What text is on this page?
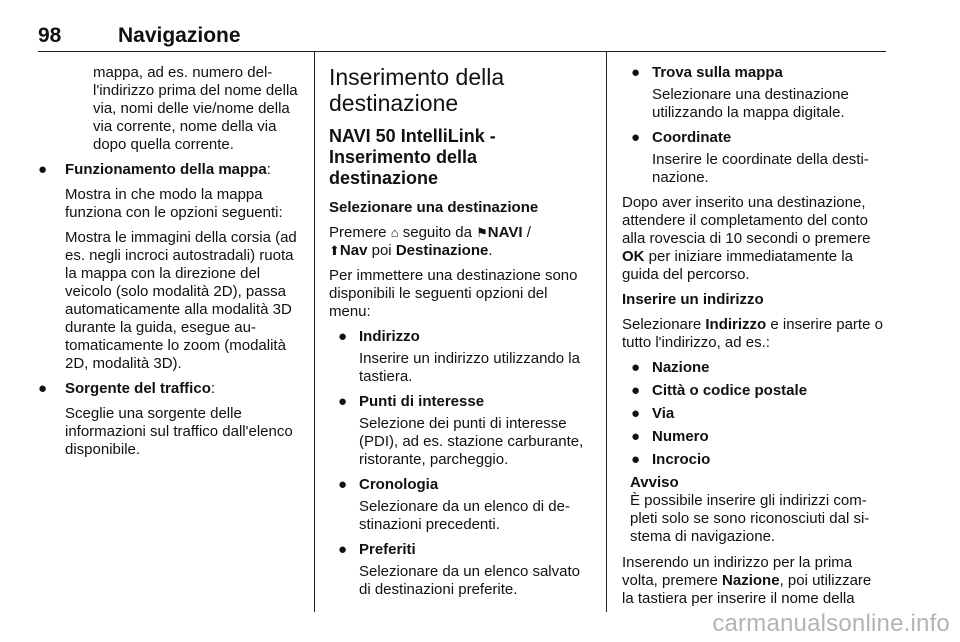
98	Navigazione

mappa, ad es. numero dell'indirizzo prima del nome della via, nomi delle vie/nome della via corrente, nome della via dopo quella corrente.

● Funzionamento della mappa:

Mostra in che modo la mappa funziona con le opzioni seguenti:

Mostra le immagini della corsia (ad es. negli incroci autostradali) ruota la mappa con la direzione del veicolo (solo modalità 2D), passa automaticamente alla modalità 3D durante la guida, esegue automaticamente lo zoom (modalità 2D, modalità 3D).

● Sorgente del traffico:

Sceglie una sorgente delle informazioni sul traffico dall'elenco disponibile.

Inserimento della destinazione
NAVI 50 IntelliLink - Inserimento della destinazione

Selezionare una destinazione

Premere ⌂ seguito da ⚑NAVI /
⬆Nav poi Destinazione.

Per immettere una destinazione sono disponibili le seguenti opzioni del menu:

● Indirizzo
Inserire un indirizzo utilizzando la tastiera.
● Punti di interesse
Selezione dei punti di interesse (PDI), ad es. stazione carburante, ristorante, parcheggio.
● Cronologia
Selezionare da un elenco di destinazioni precedenti.
● Preferiti
Selezionare da un elenco salvato di destinazioni preferite.
● Trova sulla mappa
Selezionare una destinazione utilizzando la mappa digitale.
● Coordinate
Inserire le coordinate della destinazione.

Dopo aver inserito una destinazione, attendere il completamento del conto alla rovescia di 10 secondi o premere OK per iniziare immediatamente la guida del percorso.

Inserire un indirizzo

Selezionare Indirizzo e inserire parte o tutto l'indirizzo, ad es.:

● Nazione
● Città o codice postale
● Via
● Numero
● Incrocio
Avviso
È possibile inserire gli indirizzi completi solo se sono riconosciuti dal sistema di navigazione.

Inserendo un indirizzo per la prima volta, premere Nazione, poi utilizzare la tastiera per inserire il nome della

carmanualsonline.info
